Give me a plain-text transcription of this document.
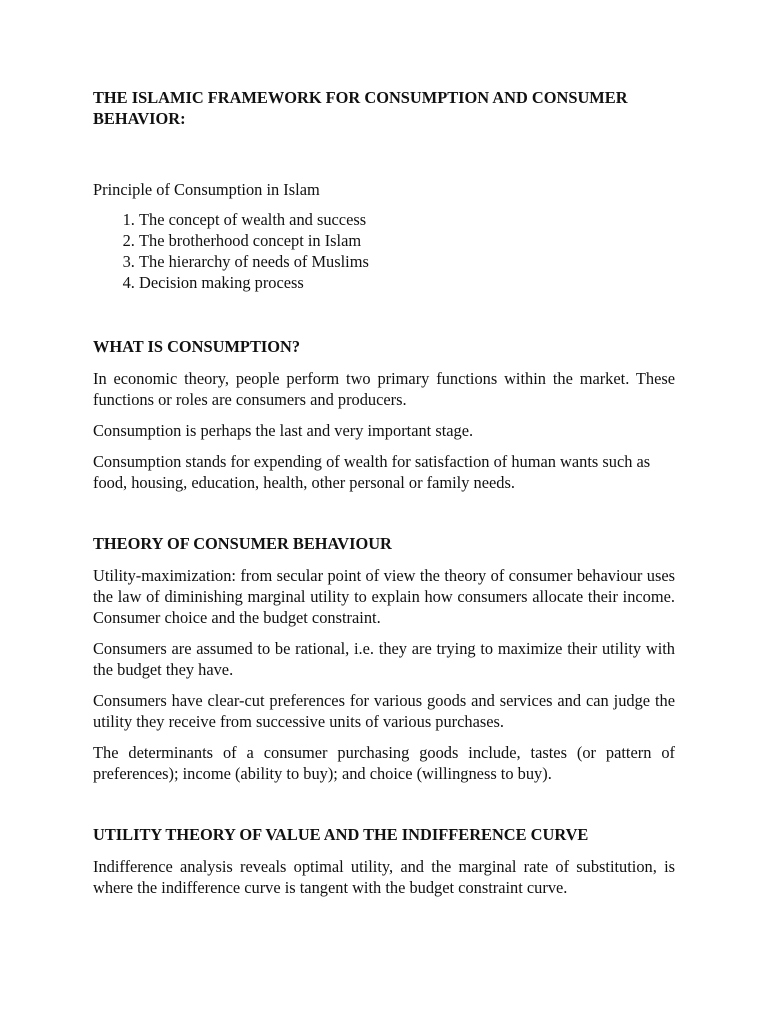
THE ISLAMIC FRAMEWORK FOR CONSUMPTION AND CONSUMER BEHAVIOR:
Principle of Consumption in Islam
1. The concept of wealth and success
2. The brotherhood concept in Islam
3. The hierarchy of needs of Muslims
4. Decision making process
WHAT IS CONSUMPTION?

In economic theory, people perform two primary functions within the market. These functions or roles are consumers and producers.

Consumption is perhaps the last and very important stage.

Consumption stands for expending of wealth for satisfaction of human wants such as food, housing, education, health, other personal or family needs.

THEORY OF CONSUMER BEHAVIOUR

Utility-maximization: from secular point of view the theory of consumer behaviour uses the law of diminishing marginal utility to explain how consumers allocate their income. Consumer choice and the budget constraint.

Consumers are assumed to be rational, i.e. they are trying to maximize their utility with the budget they have.

Consumers have clear-cut preferences for various goods and services and can judge the utility they receive from successive units of various purchases.

The determinants of a consumer purchasing goods include, tastes (or pattern of preferences); income (ability to buy); and choice (willingness to buy).

UTILITY THEORY OF VALUE AND THE INDIFFERENCE CURVE

Indifference analysis reveals optimal utility, and the marginal rate of substitution, is where the indifference curve is tangent with the budget constraint curve.
